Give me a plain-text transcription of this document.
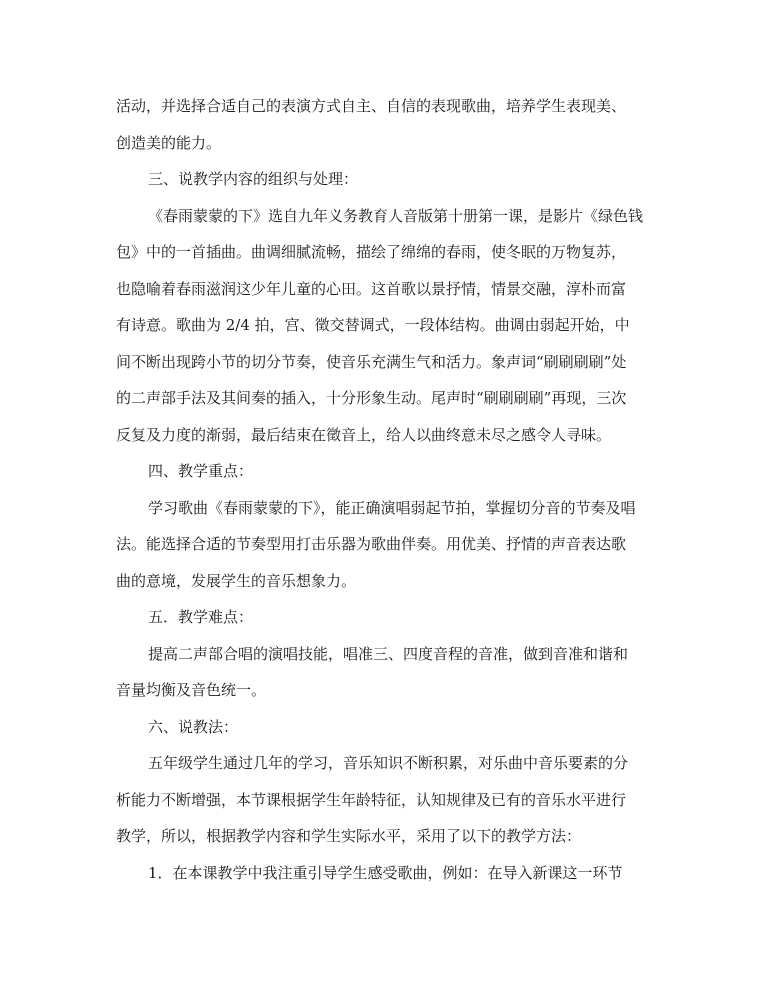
活动，并选择合适自己的表演方式自主、自信的表现歌曲，培养学生表现美、

创造美的能力。

三、说教学内容的组织与处理：

《春雨蒙蒙的下》选自九年义务教育人音版第十册第一课，是影片《绿色钱

包》中的一首插曲。曲调细腻流畅，描绘了绵绵的春雨，使冬眠的万物复苏，

也隐喻着春雨滋润这少年儿童的心田。这首歌以景抒情，情景交融，淳朴而富

有诗意。歌曲为 2/4 拍，宫、徵交替调式，一段体结构。曲调由弱起开始，中

间不断出现跨小节的切分节奏，使音乐充满生气和活力。象声词“刷刷刷刷”处

的二声部手法及其间奏的插入，十分形象生动。尾声时“刷刷刷刷”再现，三次

反复及力度的渐弱，最后结束在徵音上，给人以曲终意未尽之感令人寻味。

四、教学重点：

学习歌曲《春雨蒙蒙的下》，能正确演唱弱起节拍，掌握切分音的节奏及唱

法。能选择合适的节奏型用打击乐器为歌曲伴奏。用优美、抒情的声音表达歌

曲的意境，发展学生的音乐想象力。

五．教学难点：

提高二声部合唱的演唱技能，唱准三、四度音程的音准，做到音准和谐和

音量均衡及音色统一。

六、说教法：

五年级学生通过几年的学习，音乐知识不断积累，对乐曲中音乐要素的分

析能力不断增强，本节课根据学生年龄特征，认知规律及已有的音乐水平进行

教学，所以，根据教学内容和学生实际水平，采用了以下的教学方法：

1．在本课教学中我注重引导学生感受歌曲，例如：在导入新课这一环节
